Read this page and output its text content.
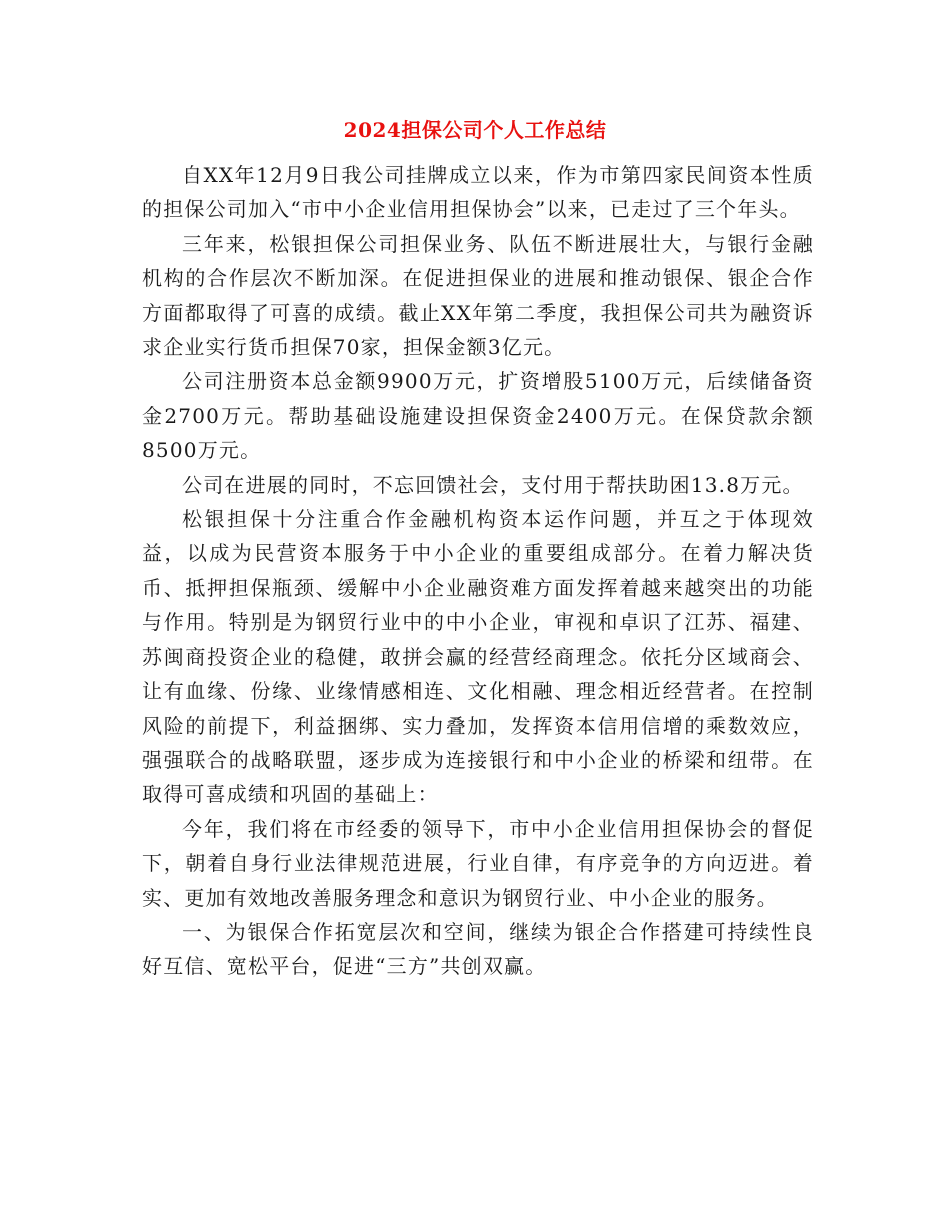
2024担保公司个人工作总结

自XX年12月9日我公司挂牌成立以来，作为市第四家民间资本性质的担保公司加入“市中小企业信用担保协会”以来，已走过了三个年头。

三年来，松银担保公司担保业务、队伍不断进展壮大，与银行金融机构的合作层次不断加深。在促进担保业的进展和推动银保、银企合作方面都取得了可喜的成绩。截止XX年第二季度，我担保公司共为融资诉求企业实行货币担保70家，担保金额3亿元。

公司注册资本总金额9900万元，扩资增股5100万元，后续储备资金2700万元。帮助基础设施建设担保资金2400万元。在保贷款余额8500万元。

公司在进展的同时，不忘回馈社会，支付用于帮扶助困13.8万元。

松银担保十分注重合作金融机构资本运作问题，并互之于体现效益，以成为民营资本服务于中小企业的重要组成部分。在着力解决货币、抵押担保瓶颈、缓解中小企业融资难方面发挥着越来越突出的功能与作用。特别是为钢贸行业中的中小企业，审视和卓识了江苏、福建、苏闽商投资企业的稳健，敢拼会赢的经营经商理念。依托分区域商会、让有血缘、份缘、业缘情感相连、文化相融、理念相近经营者。在控制风险的前提下，利益捆绑、实力叠加，发挥资本信用信增的乘数效应，强强联合的战略联盟，逐步成为连接银行和中小企业的桥梁和纽带。在取得可喜成绩和巩固的基础上：

今年，我们将在市经委的领导下，市中小企业信用担保协会的督促下，朝着自身行业法律规范进展，行业自律，有序竞争的方向迈进。着实、更加有效地改善服务理念和意识为钢贸行业、中小企业的服务。

一、为银保合作拓宽层次和空间，继续为银企合作搭建可持续性良好互信、宽松平台，促进“三方”共创双赢。
